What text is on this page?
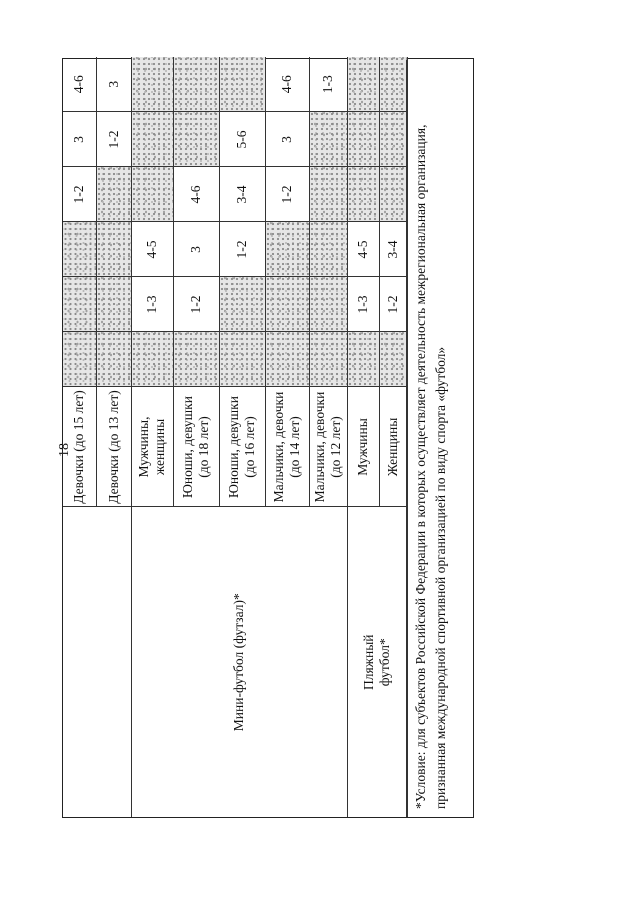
18
	Девочки (до 15 лет)				1-2	3	4-6
	Девочки (до 13 лет)					1-2	3
Мини-футбол (футзал)*	Мужчины, женщины		1-3	4-5			
	Юноши, девушки (до 18 лет)		1-2	3	4-6		
	Юноши, девушки (до 16 лет)			1-2	3-4	5-6	
	Мальчики, девочки (до 14 лет)				1-2	3	4-6
	Мальчики, девочки (до 12 лет)						1-3
Пляжный футбол*	Мужчины		1-3	4-5			
	Женщины		1-2	3-4			*Условие: для субъектов Российской Федерации в которых осуществляет деятельность межрегиональная организация, признанная международной спортивной организацией по виду спорта «футбол»
